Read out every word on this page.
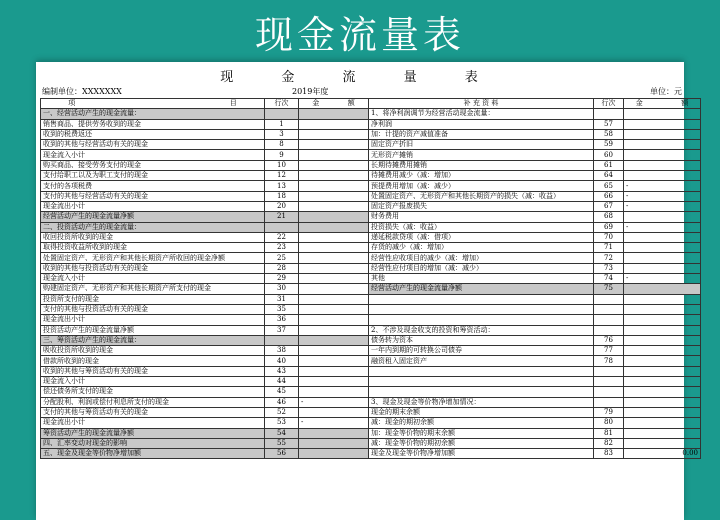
现金流量表
现 金 流 量 表
编制单位：XXXXXXX	2019年度	单位：元
项 目	行次	金 额	补 充 资 料	行次	金 额
一、经营活动产生的现金流量：			1、将净利润调节为经营活动现金流量：		
销售商品、提供劳务收到的现金	1		净利润	57	
收到的税费返还	3		加：计提的资产减值准备	58	
收到的其他与经营活动有关的现金	8		固定资产折旧	59	
现金流入小计	9		无形资产摊销	60	
购买商品、接受劳务支付的现金	10		长期待摊费用摊销	61	
支付给职工以及为职工支付的现金	12		待摊费用减少（减：增加）	64	
支付的各项税费	13		预提费用增加（减：减少）	65	-
支付的其他与经营活动有关的现金	18		处置固定资产、无形资产和其他长期资产的损失（减：收益）	66	-
现金流出小计	20		固定资产报废损失	67	-
经营活动产生的现金流量净额	21		财务费用	68	
二、投资活动产生的现金流量：			投资损失（减：收益）	69	-
收回投资所收到的现金	22		递延税款贷项（减：借项）	70	
取得投资收益所收到的现金	23		存货的减少（减：增加）	71	
处置固定资产、无形资产和其他长期资产所收回的现金净额	25		经营性应收项目的减少（减：增加）	72	
收到的其他与投资活动有关的现金	28		经营性应付项目的增加（减：减少）	73	
现金流入小计	29		其他	74	-
购建固定资产、无形资产和其他长期资产所支付的现金	30		经营活动产生的现金流量净额	75	
投资所支付的现金	31				
支付的其他与投资活动有关的现金	35				
现金流出小计	36				
投资活动产生的现金流量净额	37		2、不涉及现金收支的投资和筹资活动：		
三、筹资活动产生的现金流量：			债务转为资本	76	
吸收投资所收到的现金	38		一年内到期的可转换公司债券	77	
借款所收到的现金	40		融资租入固定资产	78	
收到的其他与筹资活动有关的现金	43				
现金流入小计	44				
偿还债务所支付的现金	45				
分配股利、利润或偿付利息所支付的现金	46	-	3、现金及现金等价物净增加情况：		
支付的其他与筹资活动有关的现金	52		现金的期末余额	79	
现金流出小计	53	-	减：现金的期初余额	80	
筹资活动产生的现金流量净额	54		加：现金等价物的期末余额	81	
四、汇率变动对现金的影响	55		减：现金等价物的期初余额	82	
五、现金及现金等价物净增加额	56		现金及现金等价物净增加额	83	0.00
